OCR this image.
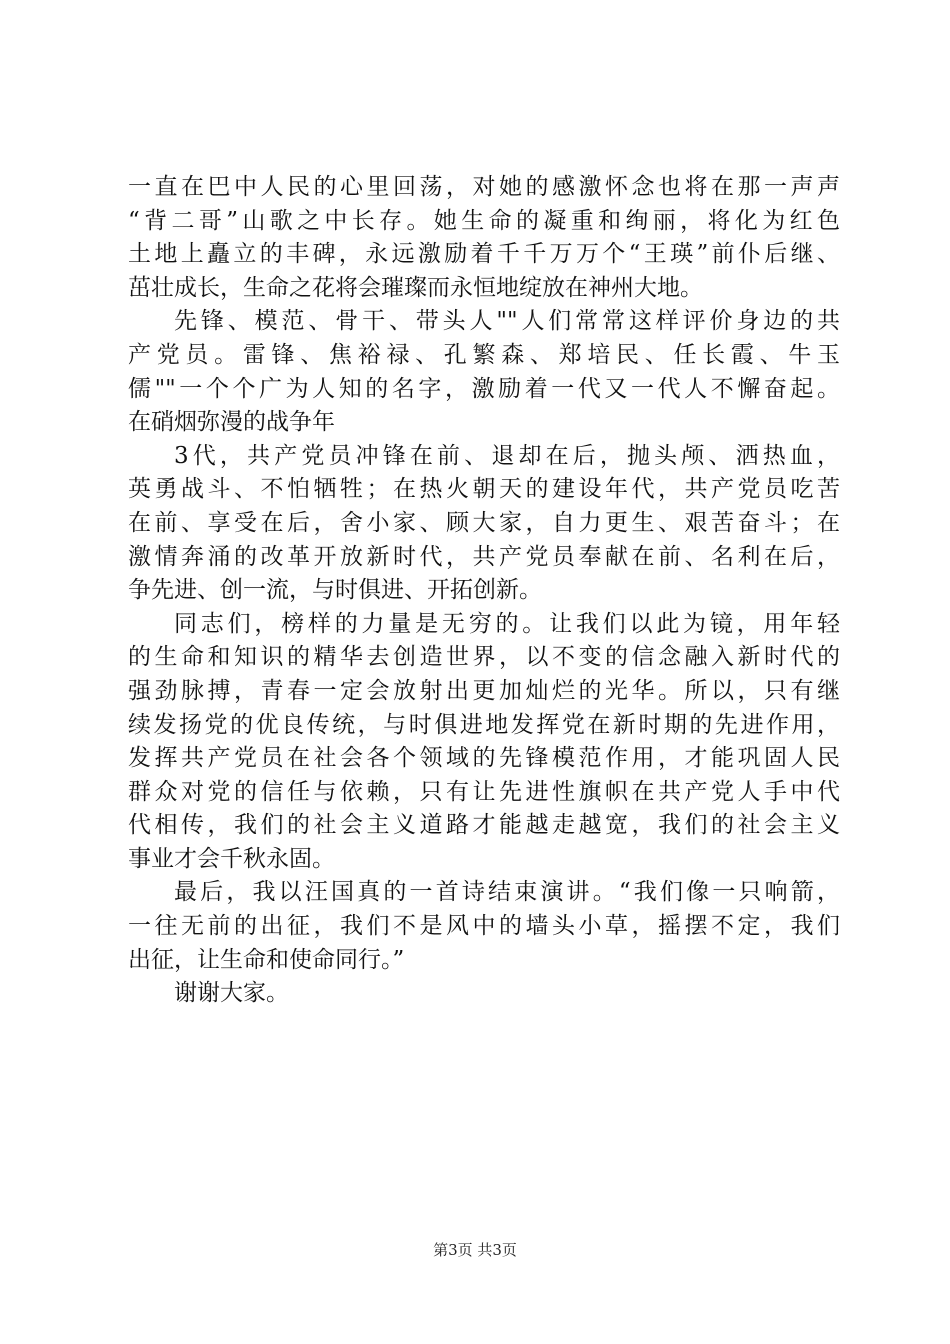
一直在巴中人民的心里回荡，对她的感激怀念也将在那一声声
“背二哥”山歌之中长存。她生命的凝重和绚丽，将化为红色
土地上矗立的丰碑，永远激励着千千万万个“王瑛”前仆后继、
茁壮成长，生命之花将会璀璨而永恒地绽放在神州大地。
先锋、模范、骨干、带头人""人们常常这样评价身边的共
产党员。雷锋、焦裕禄、孔繁森、郑培民、任长霞、牛玉
儒""一个个广为人知的名字，激励着一代又一代人不懈奋起。
在硝烟弥漫的战争年
3代，共产党员冲锋在前、退却在后，抛头颅、洒热血，
英勇战斗、不怕牺牲；在热火朝天的建设年代，共产党员吃苦
在前、享受在后，舍小家、顾大家，自力更生、艰苦奋斗；在
激情奔涌的改革开放新时代，共产党员奉献在前、名利在后，
争先进、创一流，与时俱进、开拓创新。
同志们，榜样的力量是无穷的。让我们以此为镜，用年轻
的生命和知识的精华去创造世界，以不变的信念融入新时代的
强劲脉搏，青春一定会放射出更加灿烂的光华。所以，只有继
续发扬党的优良传统，与时俱进地发挥党在新时期的先进作用，
发挥共产党员在社会各个领域的先锋模范作用，才能巩固人民
群众对党的信任与依赖，只有让先进性旗帜在共产党人手中代
代相传，我们的社会主义道路才能越走越宽，我们的社会主义
事业才会千秋永固。
最后，我以汪国真的一首诗结束演讲。“我们像一只响箭，
一往无前的出征，我们不是风中的墙头小草，摇摆不定，我们
出征，让生命和使命同行。”
谢谢大家。
第3页 共3页
